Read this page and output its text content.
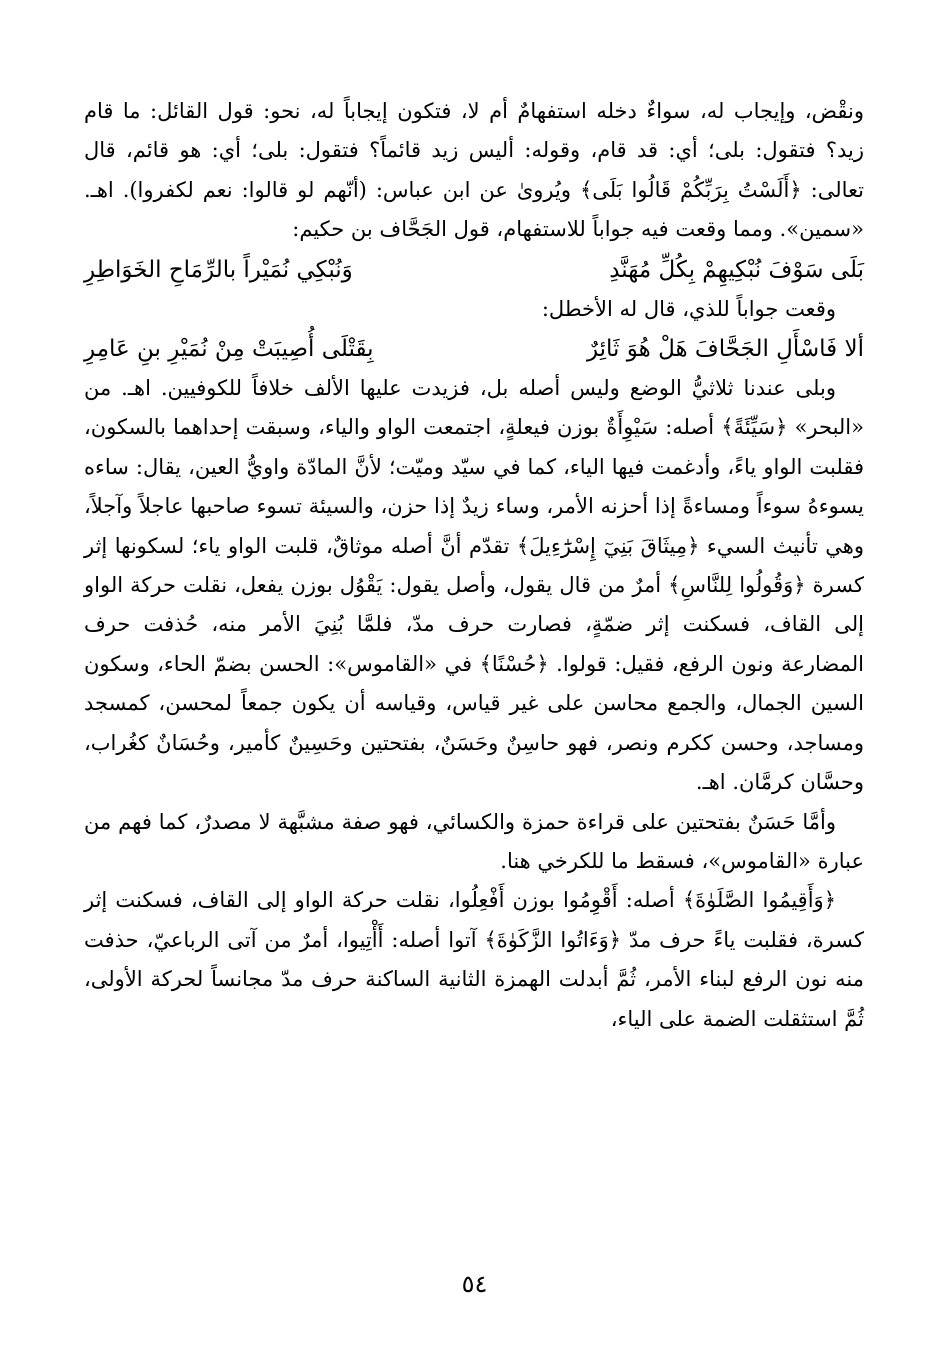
ونقْض، وإيجاب له، سواءٌ دخله استفهامٌ أم لا، فتكون إيجاباً له، نحو: قول القائل: ما قام زيد؟ فتقول: بلى؛ أي: قد قام، وقوله: أليس زيد قائماً؟ فتقول: بلى؛ أي: هو قائم، قال تعالى: ﴿أَلَسْتُ بِرَبِّكُمْ قَالُوا بَلَى﴾ ويُروىٰ عن ابن عباس: (أنّهم لو قالوا: نعم لكفروا). اهـ. «سمين». ومما وقعت فيه جواباً للاستفهام، قول الجَحَّاف بن حكيم:

بَلَى سَوْفَ نُبْكِيهِمْ بِكُلِّ مُهَنَّدِ
وَنُبْكِي نُمَيْراً بالرِّمَاحِ الخَوَاطِرِ

وقعت جواباً للذي، قال له الأخطل:

ألا فَاسْأَلِ الجَحَّافَ هَلْ هُوَ ثَائِرٌ
بِقَتْلَى أُصِيبَتْ مِنْ نُمَيْرِ بنِ عَامِرِ

وبلى عندنا ثلاثيُّ الوضع وليس أصله بل، فزيدت عليها الألف خلافاً للكوفيين. اهـ. من «البحر» ﴿سَيِّئَةً﴾ أصله: سَيْوِأَةٌ بوزن فيعلةٍ، اجتمعت الواو والياء، وسبقت إحداهما بالسكون، فقلبت الواو ياءً، وأدغمت فيها الياء، كما في سيّد وميّت؛ لأنَّ المادّة واويُّ العين، يقال: ساءه يسوءهُ سوءاً ومساءةً إذا أحزنه الأمر، وساء زيدٌ إذا حزن، والسيئة تسوء صاحبها عاجلاً وآجلاً، وهي تأنيث السيء ﴿مِيثَاقَ بَنِيٓ إِسْرَٰٓءِيلَ﴾ تقدّم أنَّ أصله موثاقٌ، قلبت الواو ياء؛ لسكونها إثر كسرة ﴿وَقُولُوا لِلنَّاسِ﴾ أمرٌ من قال يقول، وأصل يقول: يَقْوُل بوزن يفعل، نقلت حركة الواو إلى القاف، فسكنت إثر ضمّةٍ، فصارت حرف مدّ، فلمَّا بُنِيَ الأمر منه، حُذفت حرف المضارعة ونون الرفع، فقيل: قولوا. ﴿حُسْنًا﴾ في «القاموس»: الحسن بضمّ الحاء، وسكون السين الجمال، والجمع محاسن على غير قياس، وقياسه أن يكون جمعاً لمحسن، كمسجد ومساجد، وحسن ككرم ونصر، فهو حاسِنٌ وحَسَنٌ، بفتحتين وحَسِينٌ كأمير، وحُسَانٌ كغُراب، وحسَّان كرمَّان. اهـ.

وأمَّا حَسَنٌ بفتحتين على قراءة حمزة والكسائي، فهو صفة مشبَّهة لا مصدرٌ، كما فهم من عبارة «القاموس»، فسقط ما للكرخي هنا.

﴿وَأَقِيمُوا الصَّلَوٰةَ﴾ أصله: أَقْوِمُوا بوزن أَفْعِلُوا، نقلت حركة الواو إلى القاف، فسكنت إثر كسرة، فقلبت ياءً حرف مدّ ﴿وَءَاتُوا الزَّكَوٰةَ﴾ آتوا أصله: أَأْتِيوا، أمرٌ من آتى الرباعيّ، حذفت منه نون الرفع لبناء الأمر، ثُمَّ أبدلت الهمزة الثانية الساكنة حرف مدّ مجانساً لحركة الأولى، ثُمَّ استثقلت الضمة على الياء،

٥٤
